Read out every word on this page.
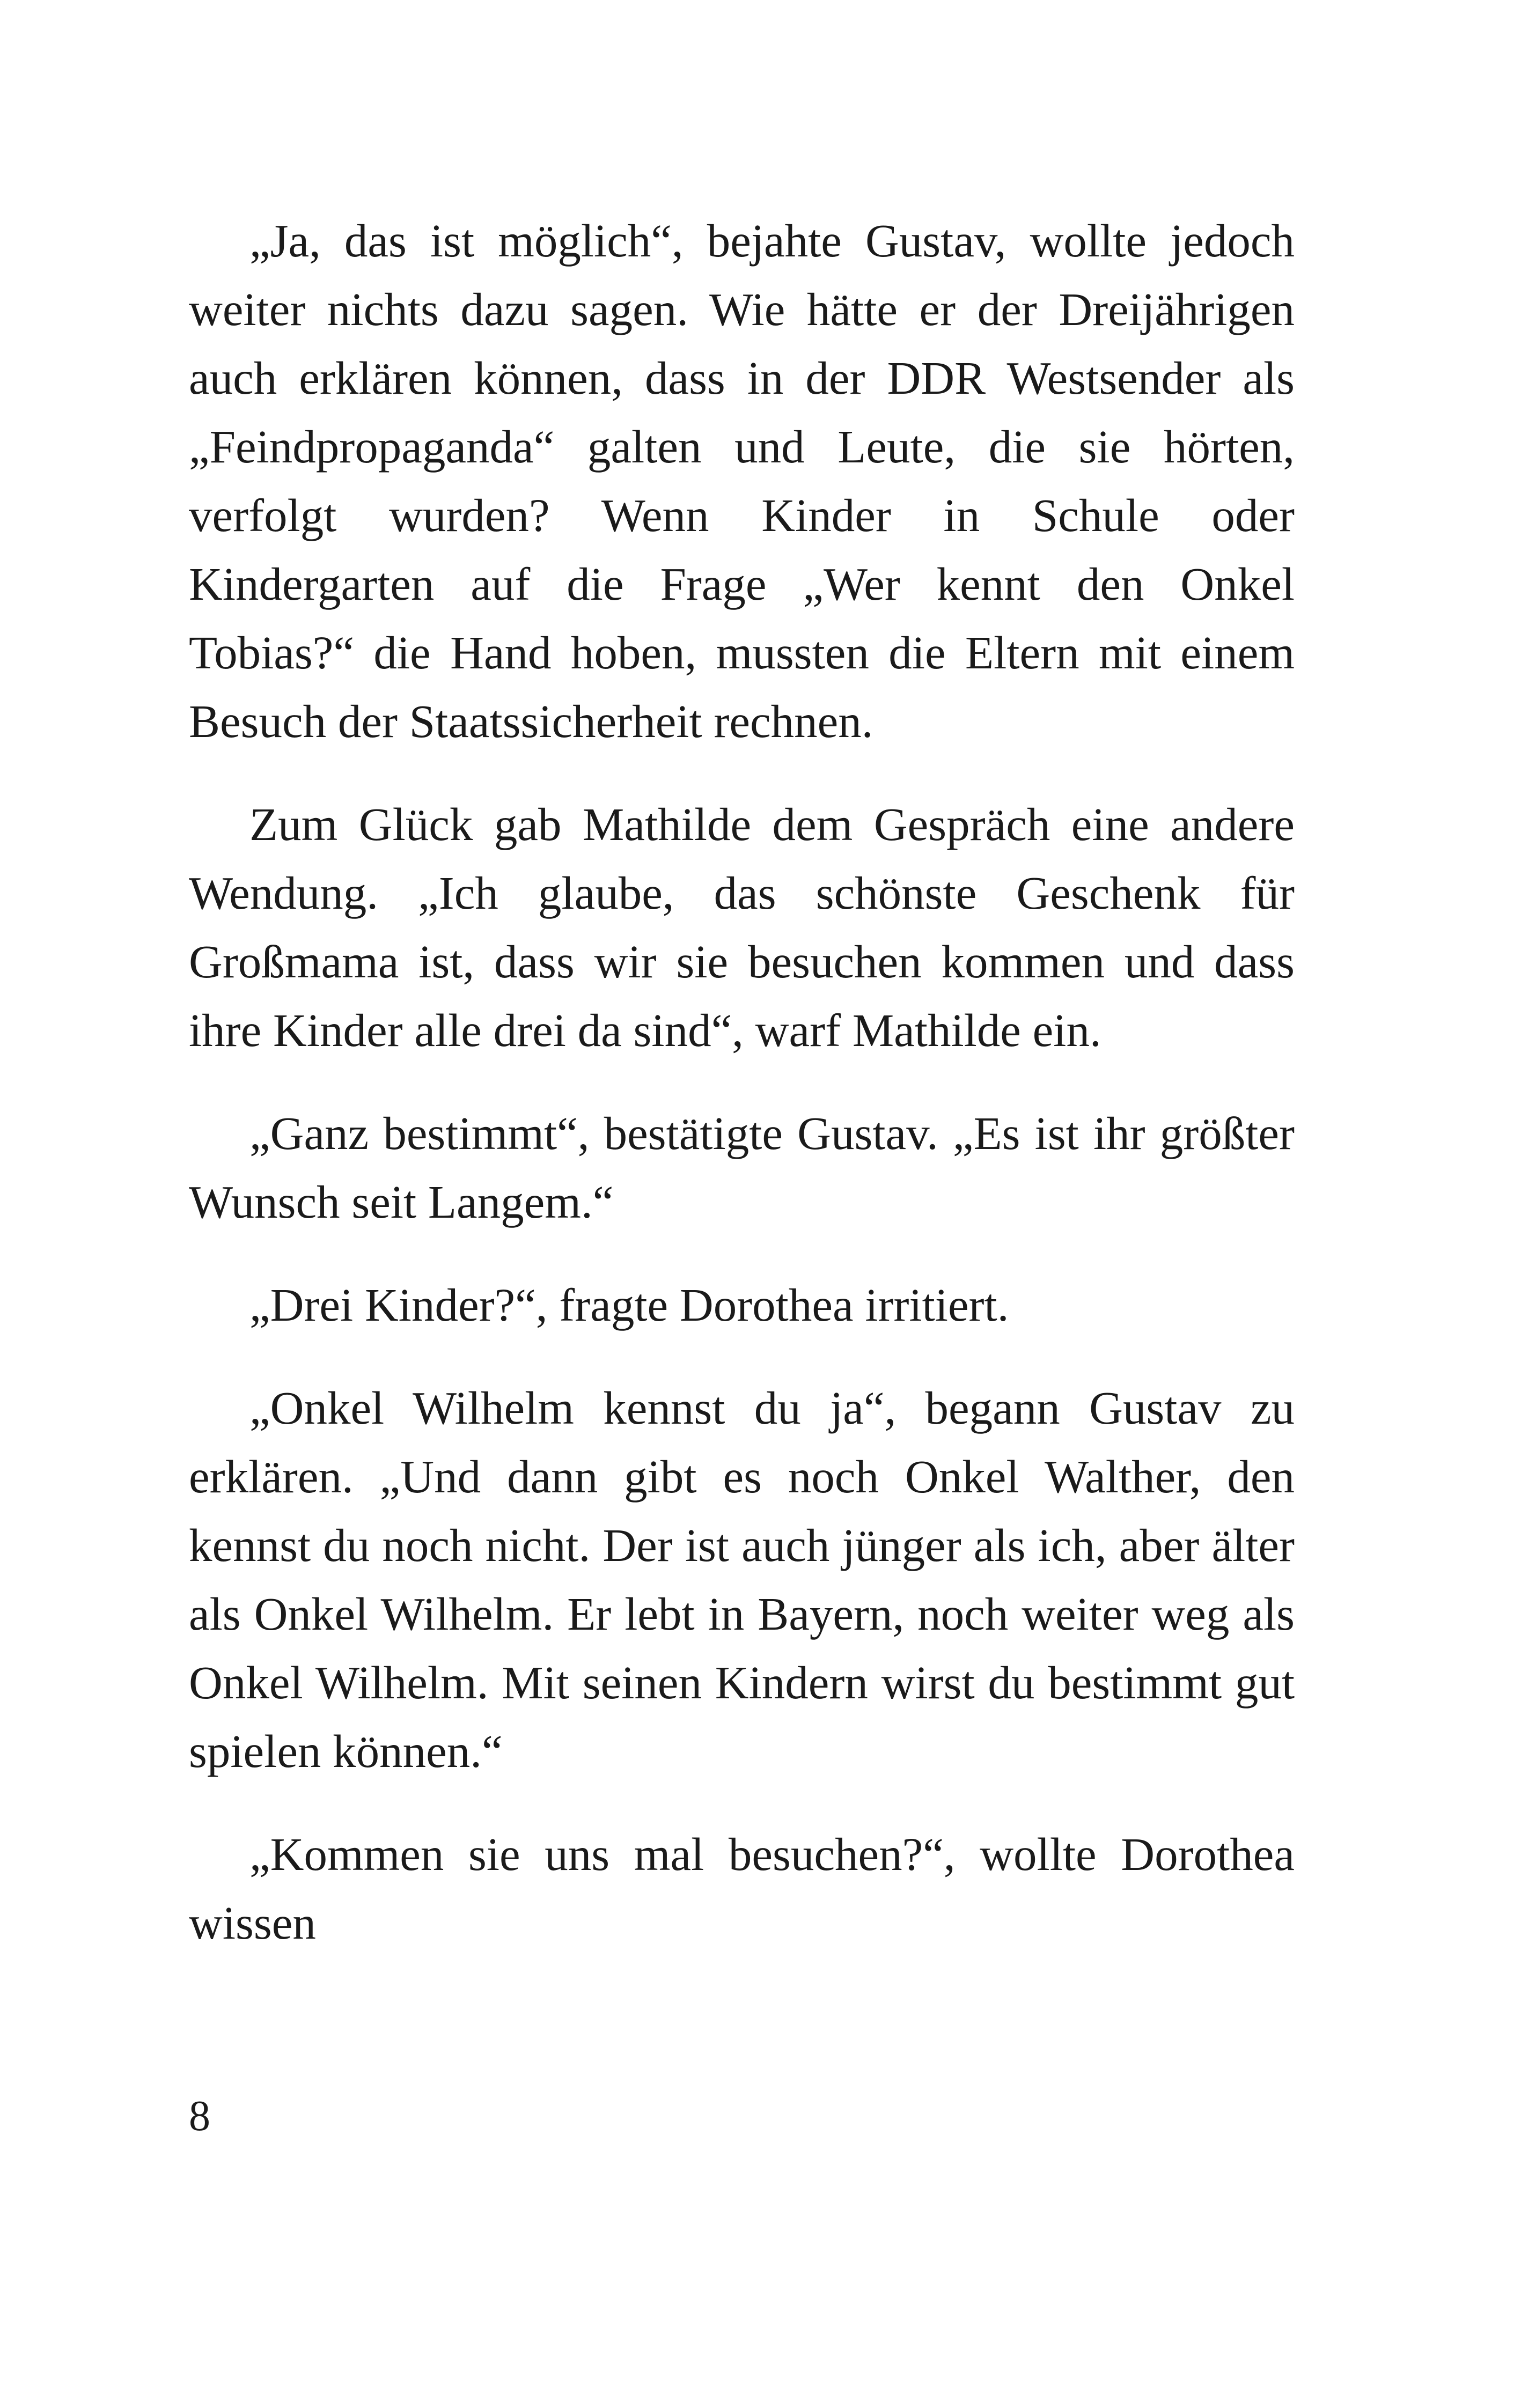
„Ja, das ist möglich“, bejahte Gustav, wollte jedoch weiter nichts dazu sagen. Wie hätte er der Dreijährigen auch erklären können, dass in der DDR Westsender als „Feindpropaganda“ galten und Leute, die sie hörten, verfolgt wurden? Wenn Kinder in Schule oder Kindergarten auf die Frage „Wer kennt den Onkel Tobias?“ die Hand hoben, mussten die Eltern mit einem Besuch der Staatssicherheit rechnen.

Zum Glück gab Mathilde dem Gespräch eine andere Wendung. „Ich glaube, das schönste Geschenk für Großmama ist, dass wir sie besuchen kommen und dass ihre Kinder alle drei da sind“, warf Mathilde ein.

„Ganz bestimmt“, bestätigte Gustav. „Es ist ihr größter Wunsch seit Langem.“

„Drei Kinder?“, fragte Dorothea irritiert.

„Onkel Wilhelm kennst du ja“, begann Gustav zu erklären. „Und dann gibt es noch Onkel Walther, den kennst du noch nicht. Der ist auch jünger als ich, aber älter als Onkel Wilhelm. Er lebt in Bayern, noch weiter weg als Onkel Wilhelm. Mit seinen Kindern wirst du bestimmt gut spielen können.“

„Kommen sie uns mal besuchen?“, wollte Dorothea wissen

8
